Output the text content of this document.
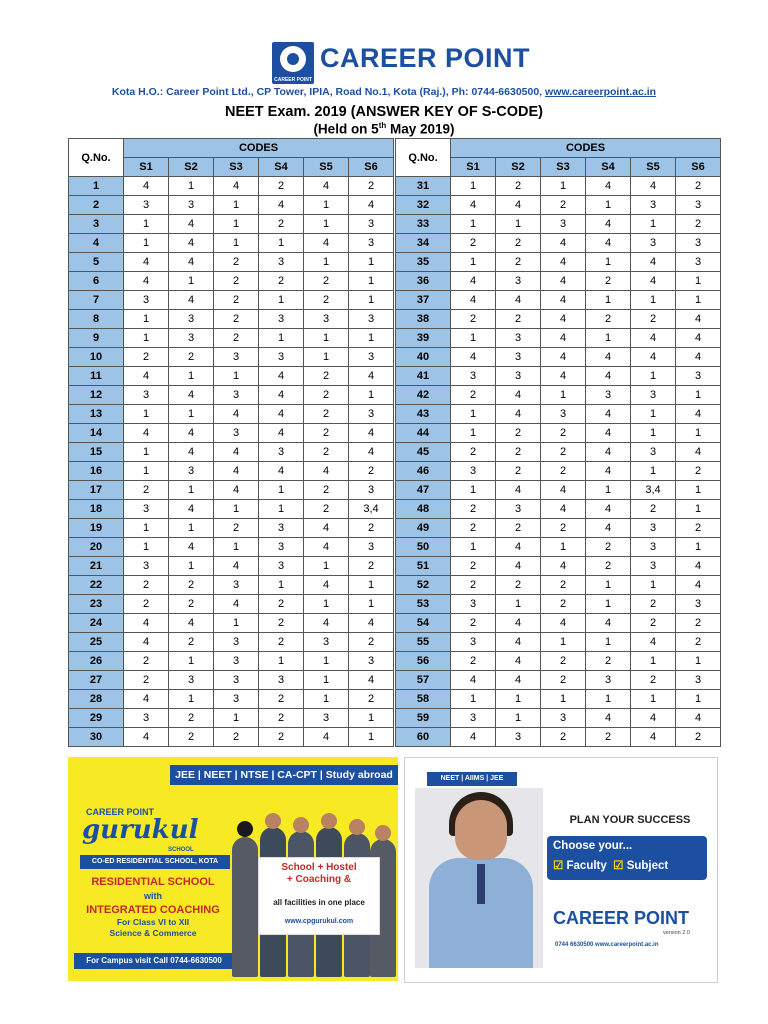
CAREER POINT
CAREER POINT
Kota H.O.: Career Point Ltd., CP Tower, IPIA, Road No.1, Kota (Raj.), Ph: 0744-6630500, www.careerpoint.ac.in
NEET Exam. 2019 (ANSWER KEY OF S-CODE)
(Held on 5th May 2019)
Q.No.	CODES					
	S1	S2	S3	S4	S5	S6
1	4	1	4	2	4	2
2	3	3	1	4	1	4
3	1	4	1	2	1	3
4	1	4	1	1	4	3
5	4	4	2	3	1	1
6	4	1	2	2	2	1
7	3	4	2	1	2	1
8	1	3	2	3	3	3
9	1	3	2	1	1	1
10	2	2	3	3	1	3
11	4	1	1	4	2	4
12	3	4	3	4	2	1
13	1	1	4	4	2	3
14	4	4	3	4	2	4
15	1	4	4	3	2	4
16	1	3	4	4	4	2
17	2	1	4	1	2	3
18	3	4	1	1	2	3,4
19	1	1	2	3	4	2
20	1	4	1	3	4	3
21	3	1	4	3	1	2
22	2	2	3	1	4	1
23	2	2	4	2	1	1
24	4	4	1	2	4	4
25	4	2	3	2	3	2
26	2	1	3	1	1	3
27	2	3	3	3	1	4
28	4	1	3	2	1	2
29	3	2	1	2	3	1
30	4	2	2	2	4	1
Q.No.	CODES					
	S1	S2	S3	S4	S5	S6
31	1	2	1	4	4	2
32	4	4	2	1	3	3
33	1	1	3	4	1	2
34	2	2	4	4	3	3
35	1	2	4	1	4	3
36	4	3	4	2	4	1
37	4	4	4	1	1	1
38	2	2	4	2	2	4
39	1	3	4	1	4	4
40	4	3	4	4	4	4
41	3	3	4	4	1	3
42	2	4	1	3	3	1
43	1	4	3	4	1	4
44	1	2	2	4	1	1
45	2	2	2	4	3	4
46	3	2	2	4	1	2
47	1	4	4	1	3,4	1
48	2	3	4	4	2	1
49	2	2	2	4	3	2
50	1	4	1	2	3	1
51	2	4	4	2	3	4
52	2	2	2	1	1	4
53	3	1	2	1	2	3
54	2	4	4	4	2	2
55	3	4	1	1	4	2
56	2	4	2	2	1	1
57	4	4	2	3	2	3
58	1	1	1	1	1	1
59	3	1	3	4	4	4
60	4	3	2	2	4	2
JEE | NEET | NTSE | CA-CPT | Study abroad
CAREER POINT
gurukul
SCHOOL
CO-ED RESIDENTIAL SCHOOL, KOTA
RESIDENTIAL SCHOOL
with
INTEGRATED COACHING
For Class VI to XII
Science & Commerce
For Campus visit Call 0744-6630500
School + Hostel
+ Coaching &
all facilities in one place
www.cpgurukul.com
NEET | AIIMS | JEE
PLAN YOUR SUCCESS
Choose your...
☑ Faculty ☑ Subject
CAREER POINT
version 2.0
0744 6630500 www.careerpoint.ac.in
